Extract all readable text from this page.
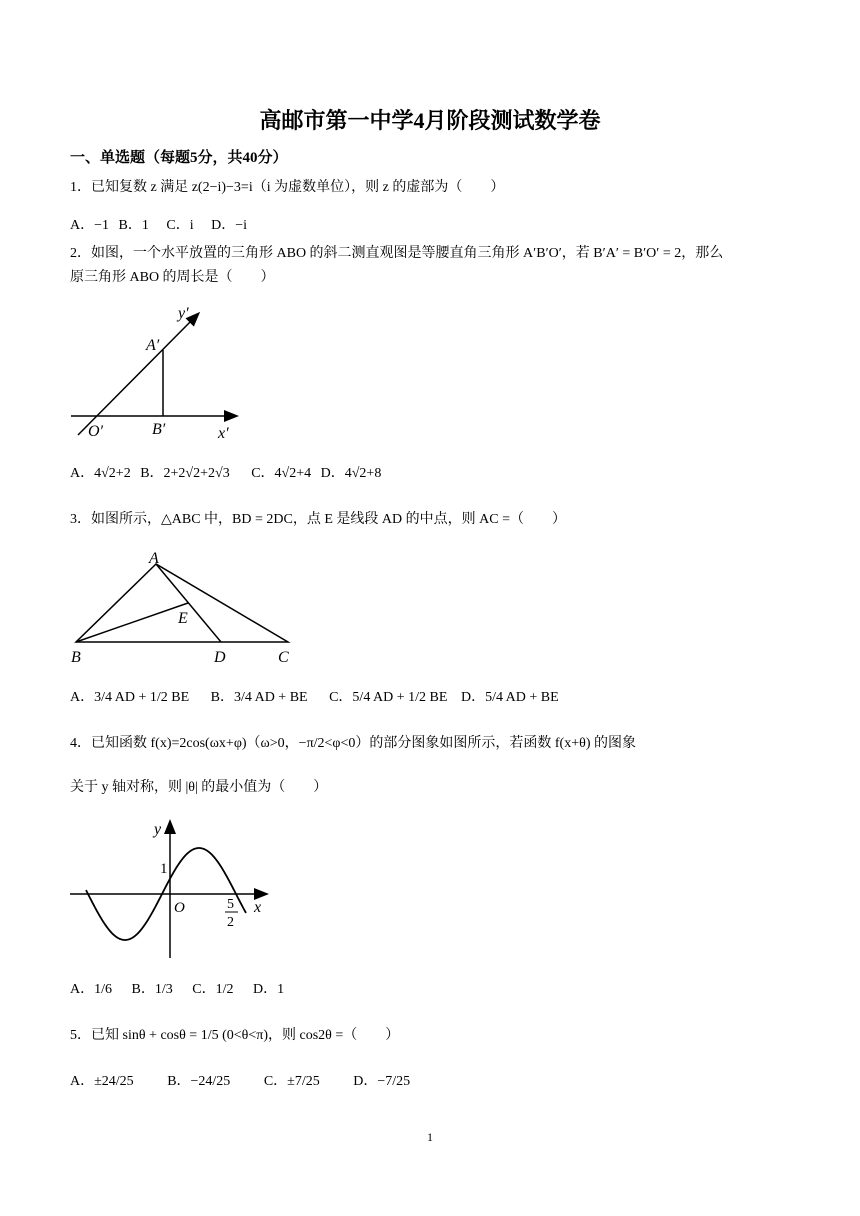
高邮市第一中学4月阶段测试数学卷
一、单选题（每题5分，共40分）
1．已知复数 z 满足 z(2−i)−3=i（i 为虚数单位），则 z 的虚部为（　　）
A．−1 B．1 C．i D．−i
2．如图，一个水平放置的三角形 ABO 的斜二测直观图是等腰直角三角形 A′B′O′，若 B′A′ = B′O′ = 2，那么
原三角形 ABO 的周长是（　　）
y′
A′
O′	B′	x′
A．4√2+2 B．2+2√2+2√3 C．4√2+4 D．4√2+8
3．如图所示，△ABC 中，BD = 2DC，点 E 是线段 AD 的中点，则 AC =（　　）
A
B	C
D
E
A．3/4 AD + 1/2 BE B．3/4 AD + BE C．5/4 AD + 1/2 BE D．5/4 AD + BE
4．已知函数 f(x)=2cos(ωx+φ)（ω>0，−π/2<φ<0）的部分图象如图所示，若函数 f(x+θ) 的图象
关于 y 轴对称，则 |θ| 的最小值为（　　）
y
1
O	x
5
2
A．1/6 B．1/3 C．1/2 D．1
5．已知 sinθ + cosθ = 1/5 (0<θ<π)，则 cos2θ =（　　）
A．±24/25 B．−24/25 C．±7/25 D．−7/25
1
